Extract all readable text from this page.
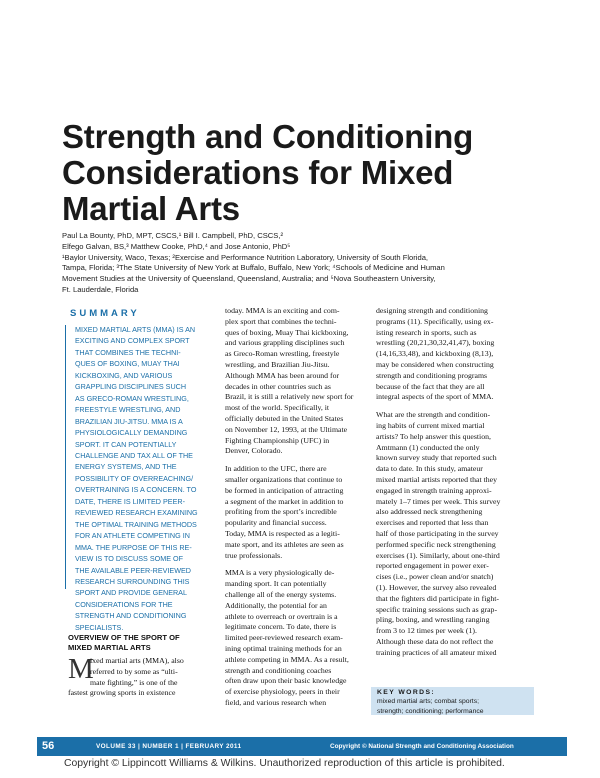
Strength and Conditioning
Considerations for Mixed
Martial Arts
Paul La Bounty, PhD, MPT, CSCS,¹ Bill I. Campbell, PhD, CSCS,²
Elfego Galvan, BS,³ Matthew Cooke, PhD,⁴ and Jose Antonio, PhD⁵
¹Baylor University, Waco, Texas; ²Exercise and Performance Nutrition Laboratory, University of South Florida,
Tampa, Florida; ³The State University of New York at Buffalo, Buffalo, New York; ⁴Schools of Medicine and Human
Movement Studies at the University of Queensland, Queensland, Australia; and ⁵Nova Southeastern University,
Ft. Lauderdale, Florida
SUMMARY
MIXED MARTIAL ARTS (MMA) IS AN
EXCITING AND COMPLEX SPORT
THAT COMBINES THE TECHNI-
QUES OF BOXING, MUAY THAI
KICKBOXING, AND VARIOUS
GRAPPLING DISCIPLINES SUCH
AS GRECO-ROMAN WRESTLING,
FREESTYLE WRESTLING, AND
BRAZILIAN JIU-JITSU. MMA IS A
PHYSIOLOGICALLY DEMANDING
SPORT. IT CAN POTENTIALLY
CHALLENGE AND TAX ALL OF THE
ENERGY SYSTEMS, AND THE
POSSIBILITY OF OVERREACHING/
OVERTRAINING IS A CONCERN. TO
DATE, THERE IS LIMITED PEER-
REVIEWED RESEARCH EXAMINING
THE OPTIMAL TRAINING METHODS
FOR AN ATHLETE COMPETING IN
MMA. THE PURPOSE OF THIS RE-
VIEW IS TO DISCUSS SOME OF
THE AVAILABLE PEER-REVIEWED
RESEARCH SURROUNDING THIS
SPORT AND PROVIDE GENERAL
CONSIDERATIONS FOR THE
STRENGTH AND CONDITIONING
SPECIALISTS.
OVERVIEW OF THE SPORT OF
MIXED MARTIAL ARTS
M
ixed martial arts (MMA), also
referred to by some as “ulti-
mate fighting,” is one of the
fastest growing sports in existence
today. MMA is an exciting and com-
plex sport that combines the techni-
ques of boxing, Muay Thai kickboxing,
and various grappling disciplines such
as Greco-Roman wrestling, freestyle
wrestling, and Brazilian Jiu-Jitsu.
Although MMA has been around for
decades in other countries such as
Brazil, it is still a relatively new sport for
most of the world. Specifically, it
officially debuted in the United States
on November 12, 1993, at the Ultimate
Fighting Championship (UFC) in
Denver, Colorado.
In addition to the UFC, there are
smaller organizations that continue to
be formed in anticipation of attracting
a segment of the market in addition to
profiting from the sport’s incredible
popularity and financial success.
Today, MMA is respected as a legiti-
mate sport, and its athletes are seen as
true professionals.
MMA is a very physiologically de-
manding sport. It can potentially
challenge all of the energy systems.
Additionally, the potential for an
athlete to overreach or overtrain is a
legitimate concern. To date, there is
limited peer-reviewed research exam-
ining optimal training methods for an
athlete competing in MMA. As a result,
strength and conditioning coaches
often draw upon their basic knowledge
of exercise physiology, peers in their
field, and various research when
designing strength and conditioning
programs (11). Specifically, using ex-
isting research in sports, such as
wrestling (20,21,30,32,41,47), boxing
(14,16,33,48), and kickboxing (8,13),
may be considered when constructing
strength and conditioning programs
because of the fact that they are all
integral aspects of the sport of MMA.
What are the strength and condition-
ing habits of current mixed martial
artists? To help answer this question,
Amtmann (1) conducted the only
known survey study that reported such
data to date. In this study, amateur
mixed martial artists reported that they
engaged in strength training approxi-
mately 1–7 times per week. This survey
also addressed neck strengthening
exercises and reported that less than
half of those participating in the survey
performed specific neck strengthening
exercises (1). Similarly, about one-third
reported engagement in power exer-
cises (i.e., power clean and/or snatch)
(1). However, the survey also revealed
that the fighters did participate in fight-
specific training sessions such as grap-
pling, boxing, and wrestling ranging
from 3 to 12 times per week (1).
Although these data do not reflect the
training practices of all amateur mixed
KEY WORDS:
mixed martial arts; combat sports;
strength; conditioning; performance
56	VOLUME 33 | NUMBER 1 | FEBRUARY 2011	Copyright © National Strength and Conditioning Association
Copyright © Lippincott Williams & Wilkins. Unauthorized reproduction of this article is prohibited.
